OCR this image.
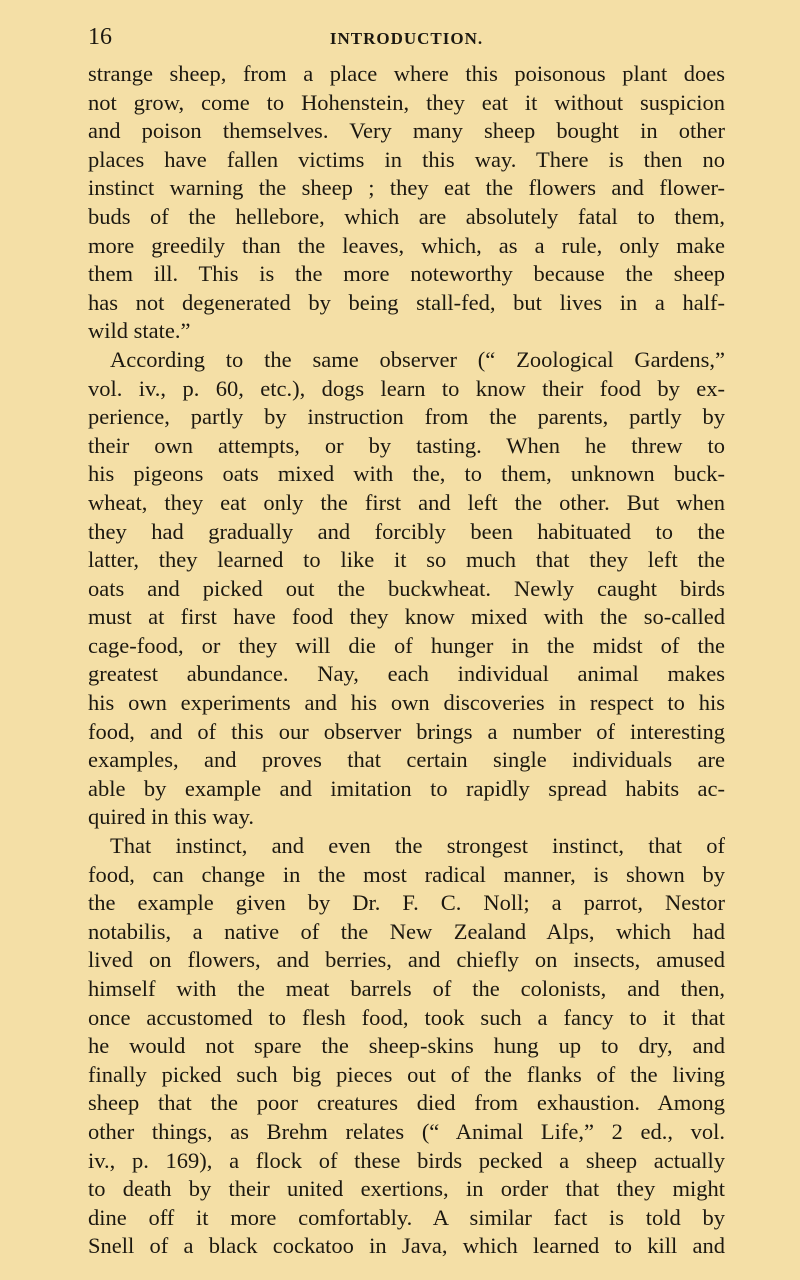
16	INTRODUCTION.
strange sheep, from a place where this poisonous plant does
not grow, come to Hohenstein, they eat it without suspicion
and poison themselves. Very many sheep bought in other
places have fallen victims in this way. There is then no
instinct warning the sheep ; they eat the flowers and flower-
buds of the hellebore, which are absolutely fatal to them,
more greedily than the leaves, which, as a rule, only make
them ill. This is the more noteworthy because the sheep
has not degenerated by being stall-fed, but lives in a half-
wild state.”
According to the same observer (“ Zoological Gardens,”
vol. iv., p. 60, etc.), dogs learn to know their food by ex-
perience, partly by instruction from the parents, partly by
their own attempts, or by tasting. When he threw to
his pigeons oats mixed with the, to them, unknown buck-
wheat, they eat only the first and left the other. But when
they had gradually and forcibly been habituated to the
latter, they learned to like it so much that they left the
oats and picked out the buckwheat. Newly caught birds
must at first have food they know mixed with the so-called
cage-food, or they will die of hunger in the midst of the
greatest abundance. Nay, each individual animal makes
his own experiments and his own discoveries in respect to his
food, and of this our observer brings a number of interesting
examples, and proves that certain single individuals are
able by example and imitation to rapidly spread habits ac-
quired in this way.
That instinct, and even the strongest instinct, that of
food, can change in the most radical manner, is shown by
the example given by Dr. F. C. Noll; a parrot, Nestor
notabilis, a native of the New Zealand Alps, which had
lived on flowers, and berries, and chiefly on insects, amused
himself with the meat barrels of the colonists, and then,
once accustomed to flesh food, took such a fancy to it that
he would not spare the sheep-skins hung up to dry, and
finally picked such big pieces out of the flanks of the living
sheep that the poor creatures died from exhaustion. Among
other things, as Brehm relates (“ Animal Life,” 2 ed., vol.
iv., p. 169), a flock of these birds pecked a sheep actually
to death by their united exertions, in order that they might
dine off it more comfortably. A similar fact is told by
Snell of a black cockatoo in Java, which learned to kill and
